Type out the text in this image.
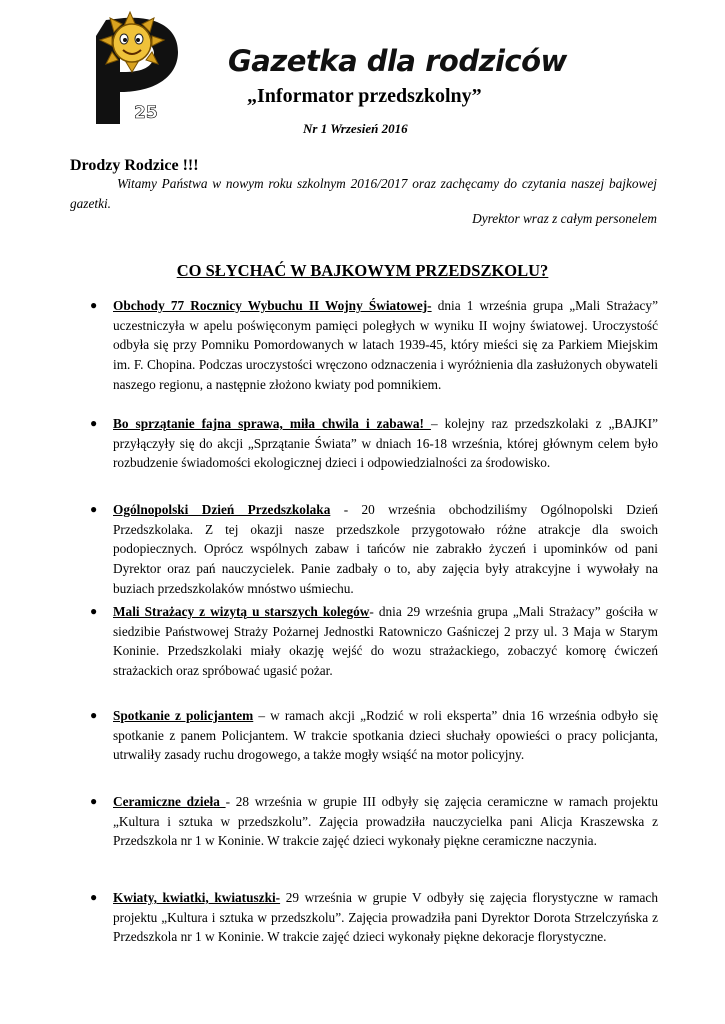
25
Gazetka dla rodziców
„Informator przedszkolny”
Nr 1 Wrzesień 2016
Drodzy Rodzice !!!
Witamy Państwa w nowym roku szkolnym 2016/2017 oraz zachęcamy do czytania naszej bajkowej gazetki.
Dyrektor wraz z całym personelem
CO SŁYCHAĆ W BAJKOWYM PRZEDSZKOLU?
● Obchody 77 Rocznicy Wybuchu II Wojny Światowej- dnia 1 września grupa „Mali Strażacy” uczestniczyła w apelu poświęconym pamięci poległych w wyniku II wojny światowej. Uroczystość odbyła się przy Pomniku Pomordowanych w latach 1939-45, który mieści się za Parkiem Miejskim im. F. Chopina. Podczas uroczystości wręczono odznaczenia i wyróżnienia dla zasłużonych obywateli naszego regionu, a następnie złożono kwiaty pod pomnikiem.
● Bo sprzątanie fajna sprawa, miła chwila i zabawa! – kolejny raz przedszkolaki z „BAJKI” przyłączyły się do akcji „Sprzątanie Świata” w dniach 16-18 września, której głównym celem było rozbudzenie świadomości ekologicznej dzieci i odpowiedzialności za środowisko.
● Ogólnopolski Dzień Przedszkolaka - 20 września obchodziliśmy Ogólnopolski Dzień Przedszkolaka. Z tej okazji nasze przedszkole przygotowało różne atrakcje dla swoich podopiecznych. Oprócz wspólnych zabaw i tańców nie zabrakło życzeń i upominków od pani Dyrektor oraz pań nauczycielek. Panie zadbały o to, aby zajęcia były atrakcyjne i wywołały na buziach przedszkolaków mnóstwo uśmiechu.
● Mali Strażacy z wizytą u starszych kolegów- dnia 29 września grupa „Mali Strażacy” gościła w siedzibie Państwowej Straży Pożarnej Jednostki Ratowniczo Gaśniczej 2 przy ul. 3 Maja w Starym Koninie. Przedszkolaki miały okazję wejść do wozu strażackiego, zobaczyć komorę ćwiczeń strażackich oraz spróbować ugasić pożar.
● Spotkanie z policjantem – w ramach akcji „Rodzić w roli eksperta” dnia 16 września odbyło się spotkanie z panem Policjantem. W trakcie spotkania dzieci słuchały opowieści o pracy policjanta, utrwaliły zasady ruchu drogowego, a także mogły wsiąść na motor policyjny.
● Ceramiczne dzieła - 28 września w grupie III odbyły się zajęcia ceramiczne w ramach projektu „Kultura i sztuka w przedszkolu”. Zajęcia prowadziła nauczycielka pani Alicja Kraszewska z Przedszkola nr 1 w Koninie. W trakcie zajęć dzieci wykonały piękne ceramiczne naczynia.
● Kwiaty, kwiatki, kwiatuszki- 29 września w grupie V odbyły się zajęcia florystyczne w ramach projektu „Kultura i sztuka w przedszkolu”. Zajęcia prowadziła pani Dyrektor Dorota Strzelczyńska z Przedszkola nr 1 w Koninie. W trakcie zajęć dzieci wykonały piękne dekoracje florystyczne.
